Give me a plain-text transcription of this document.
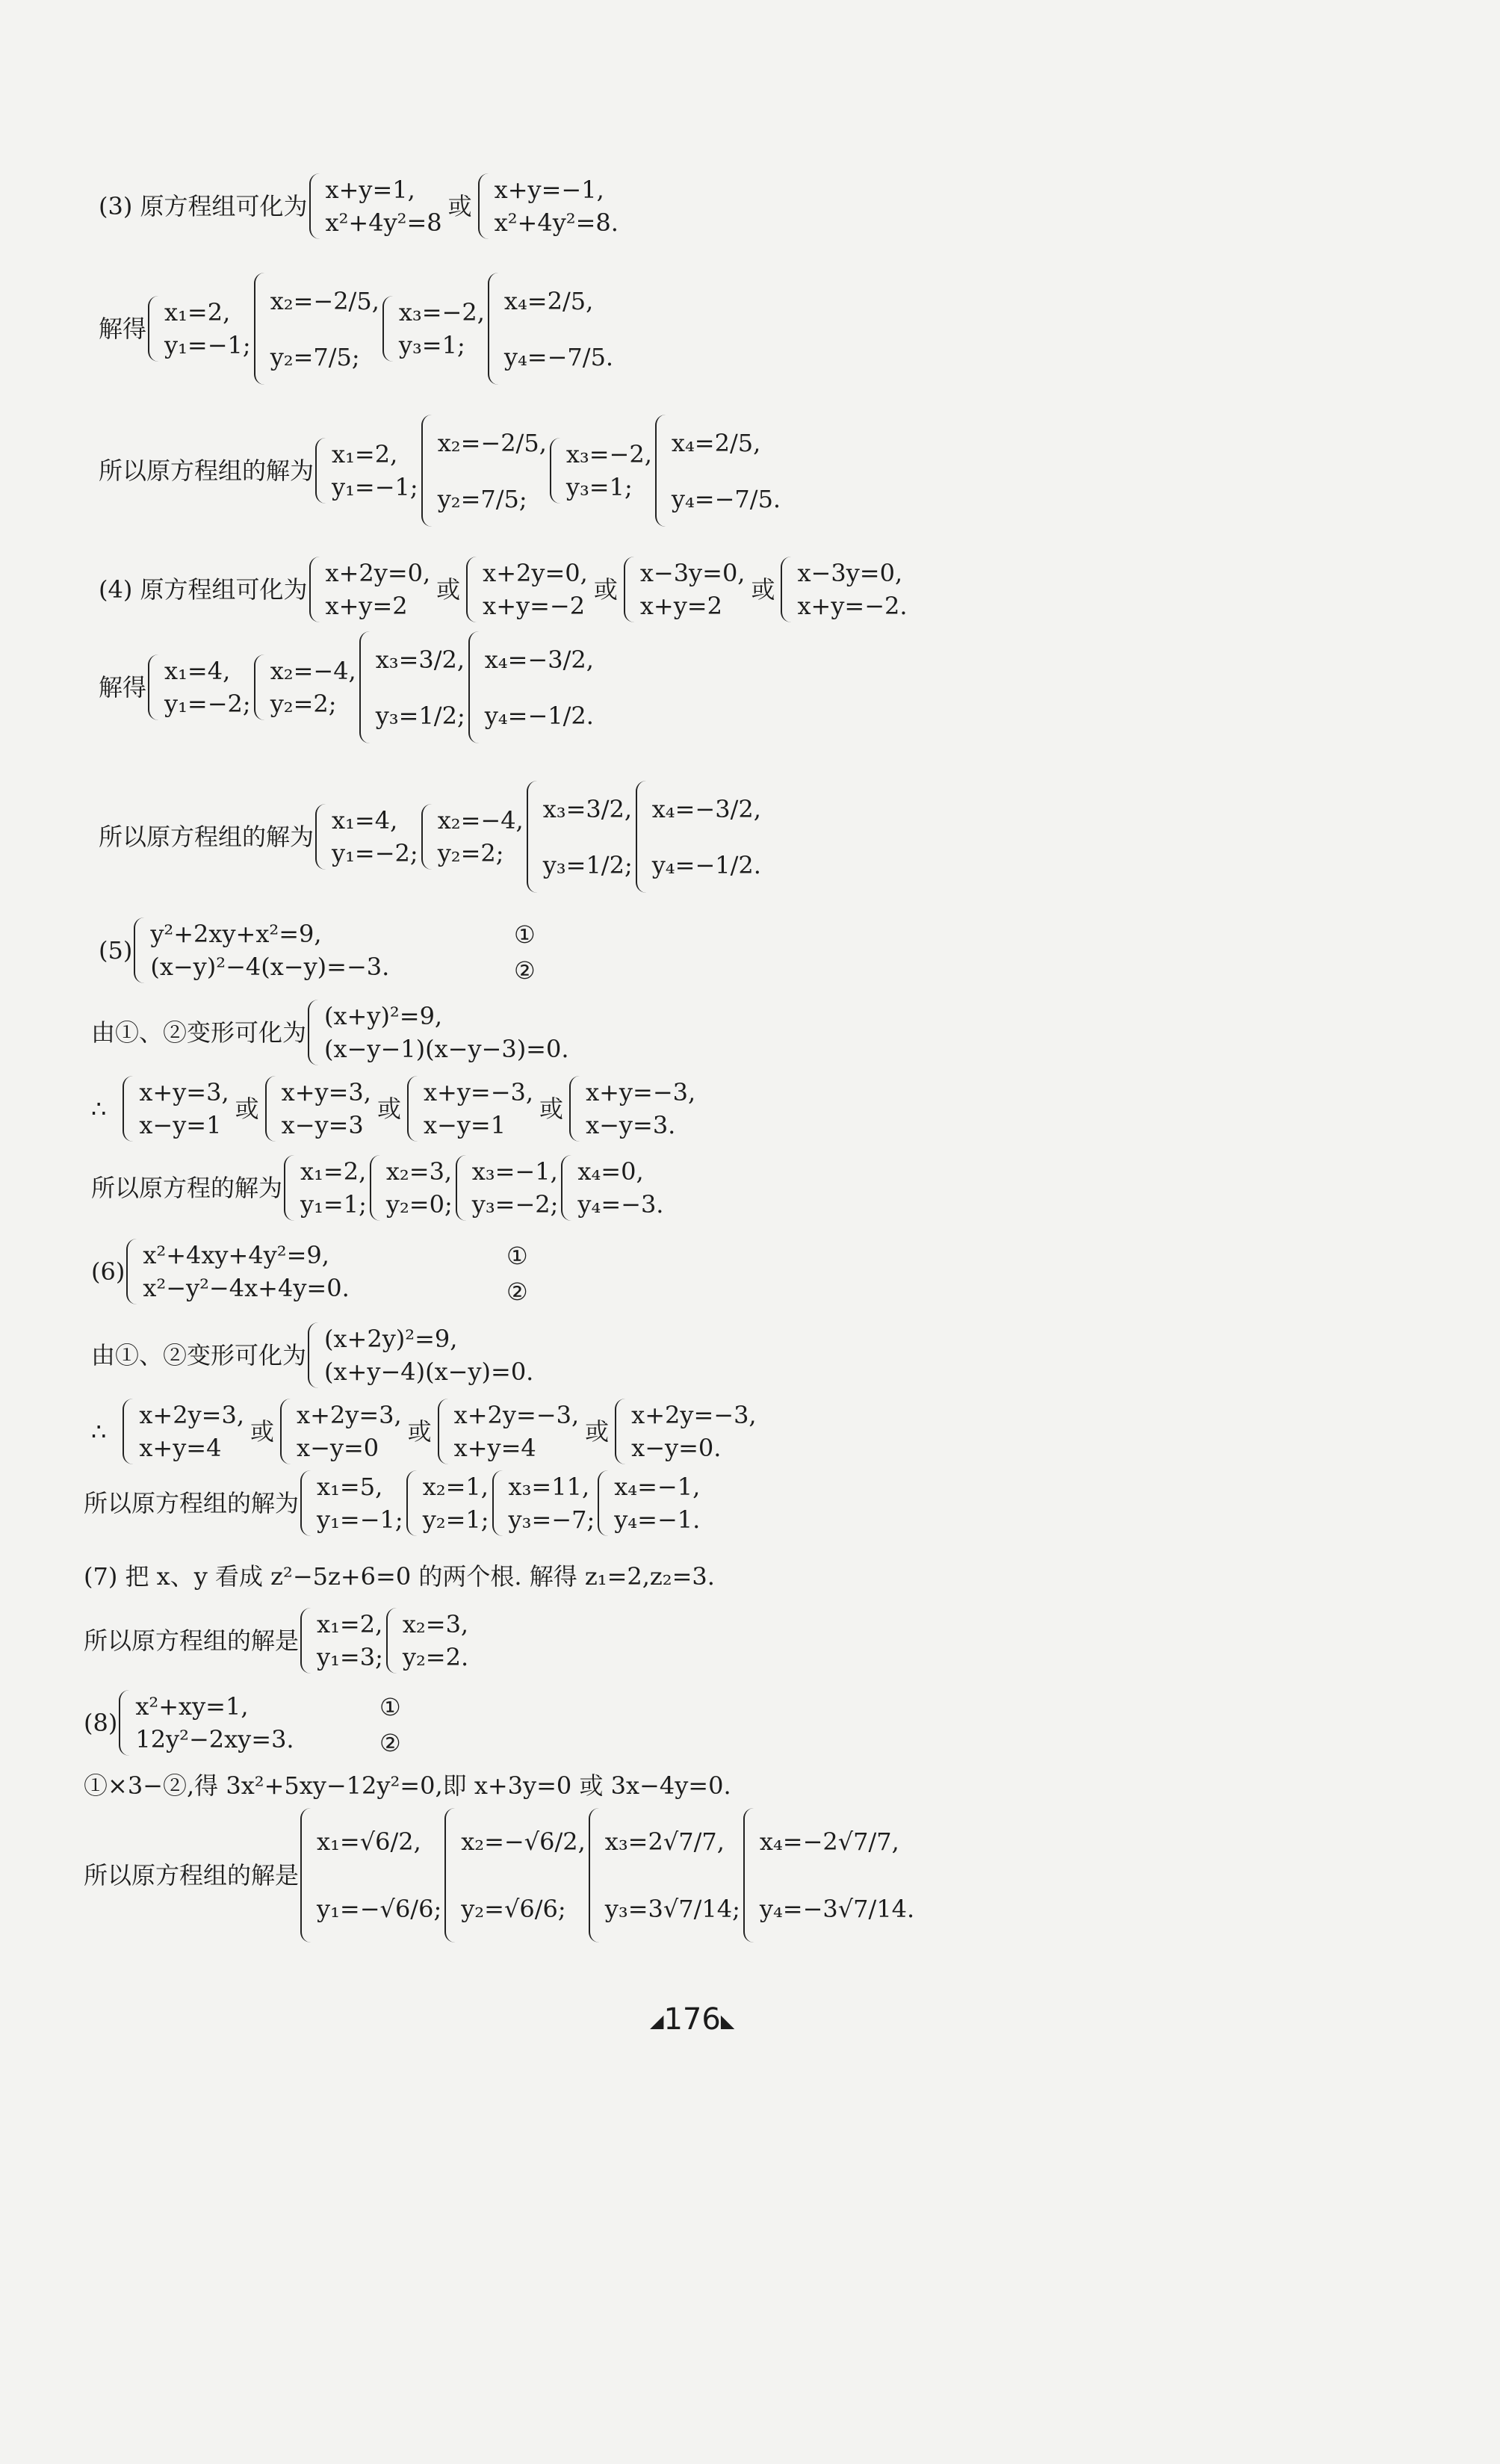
(3) 原方程组可化为
x+y=1,
x²+4y²=8
或
x+y=−1,
x²+4y²=8.
解得
x₁=2,
y₁=−1;
x₂=−2/5,
y₂=7/5;
x₃=−2,
y₃=1;
x₄=2/5,
y₄=−7/5.
所以原方程组的解为
x₁=2,
y₁=−1;
x₂=−2/5,
y₂=7/5;
x₃=−2,
y₃=1;
x₄=2/5,
y₄=−7/5.
(4) 原方程组可化为
x+2y=0,
x+y=2
或
x+2y=0,
x+y=−2
或
x−3y=0,
x+y=2
或
x−3y=0,
x+y=−2.
解得
x₁=4,
y₁=−2;
x₂=−4,
y₂=2;
x₃=3/2,
y₃=1/2;
x₄=−3/2,
y₄=−1/2.
所以原方程组的解为
x₁=4,
y₁=−2;
x₂=−4,
y₂=2;
x₃=3/2,
y₃=1/2;
x₄=−3/2,
y₄=−1/2.
(5)
y²+2xy+x²=9,
(x−y)²−4(x−y)=−3.
①
②
由①、②变形可化为
(x+y)²=9,
(x−y−1)(x−y−3)=0.
∴
x+y=3,
x−y=1
或
x+y=3,
x−y=3
或
x+y=−3,
x−y=1
或
x+y=−3,
x−y=3.
所以原方程的解为
x₁=2,
y₁=1;
x₂=3,
y₂=0;
x₃=−1,
y₃=−2;
x₄=0,
y₄=−3.
(6)
x²+4xy+4y²=9,
x²−y²−4x+4y=0.
①
②
由①、②变形可化为
(x+2y)²=9,
(x+y−4)(x−y)=0.
∴
x+2y=3,
x+y=4
或
x+2y=3,
x−y=0
或
x+2y=−3,
x+y=4
或
x+2y=−3,
x−y=0.
所以原方程组的解为
x₁=5,
y₁=−1;
x₂=1,
y₂=1;
x₃=11,
y₃=−7;
x₄=−1,
y₄=−1.
(7) 把 x、y 看成 z²−5z+6=0 的两个根. 解得 z₁=2,z₂=3.
所以原方程组的解是
x₁=2,
y₁=3;
x₂=3,
y₂=2.
(8)
x²+xy=1,
12y²−2xy=3.
①
②
①×3−②,得 3x²+5xy−12y²=0,即 x+3y=0 或 3x−4y=0.
所以原方程组的解是
x₁=√6/2,
y₁=−√6/6;
x₂=−√6/2,
y₂=√6/6;
x₃=2√7/7,
y₃=3√7/14;
x₄=−2√7/7,
y₄=−3√7/14.
◢176◣
